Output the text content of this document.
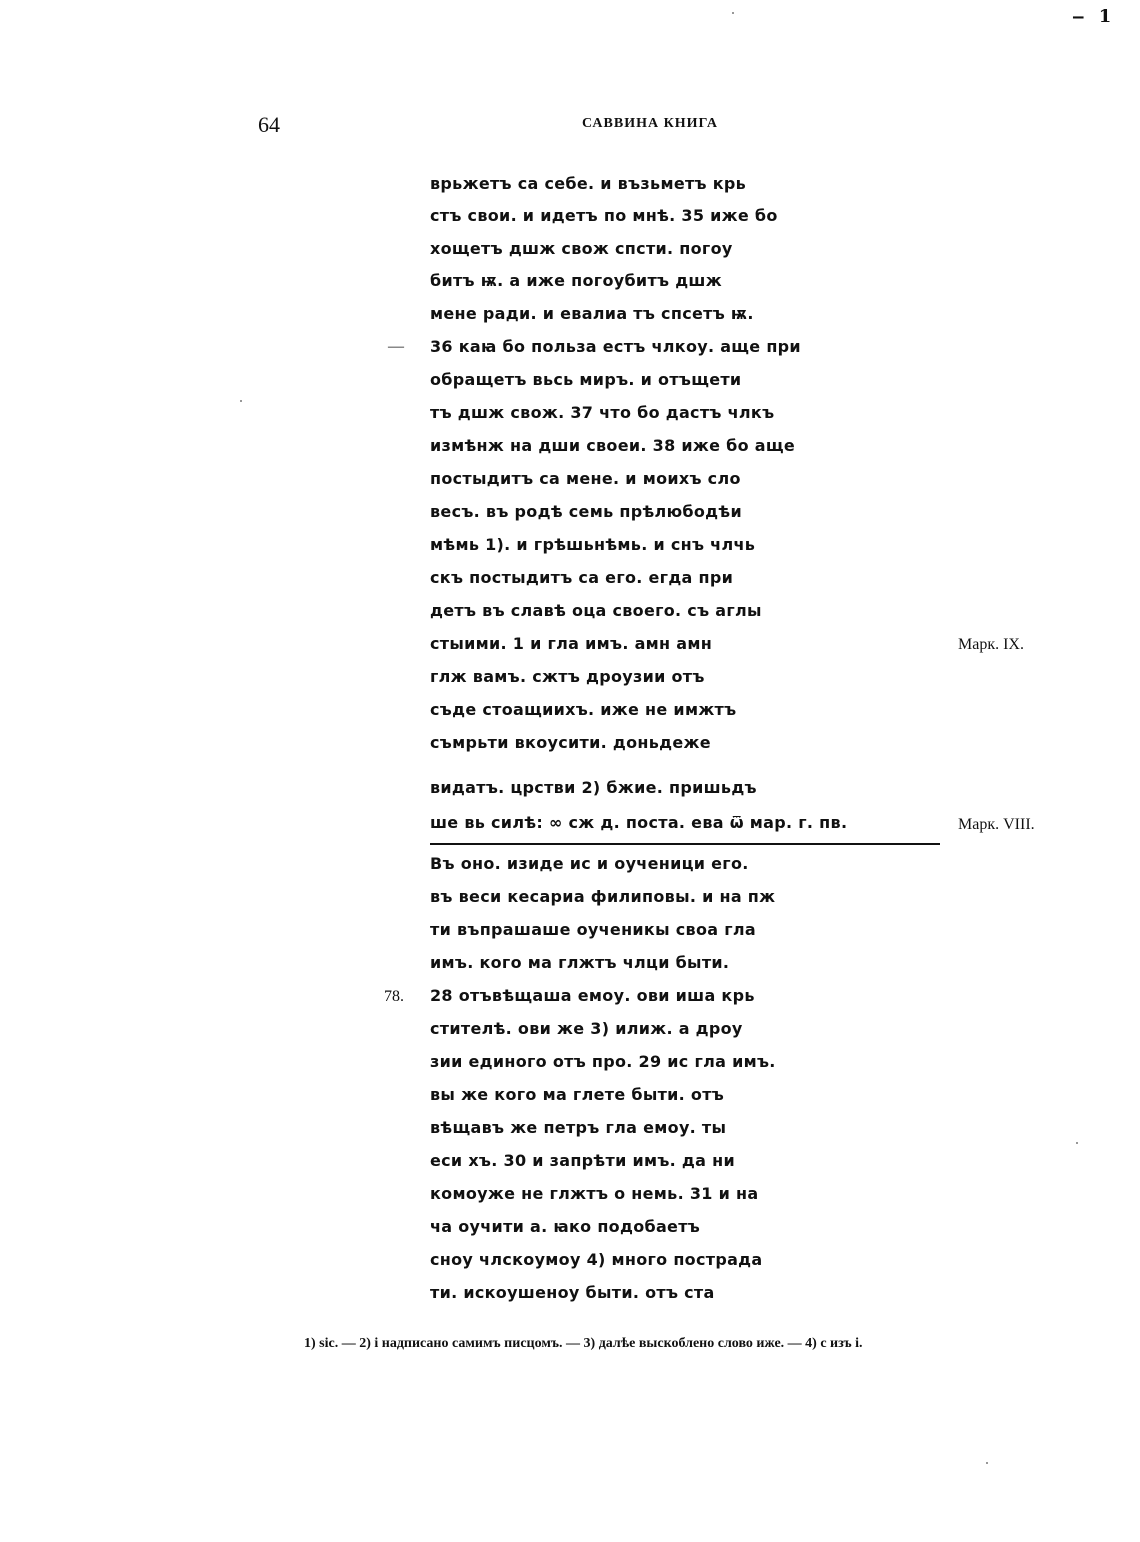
‒ 1
64	САВВИНА КНИГА
—
78.
Марк. IX.
Марк. VIII.
врьжетъ са себе. и възьметъ крь
стъ свои. и идетъ по мнѣ. 35 иже бо
хощетъ дшж свож спсти. погоу
битъ ѭ. а иже погоубитъ дшж
мене ради. и евалиа тъ спсетъ ѭ.
36 каꙗ бо польза естъ члкоу. аще при
обращетъ вьсь миръ. и отъщети
тъ дшж свож. 37 что бо дастъ члкъ
измѣнж на дши своеи. 38 иже бо аще
постыдитъ са мене. и моихъ сло
весъ. въ родѣ семь прѣлюбодѣи
мѣмь 1). и грѣшьнѣмь. и снъ члчь
скъ постыдитъ са его. егда при
детъ въ славѣ оца своего. съ аглы
стыими. 1 и гла имъ. амн амн
глж вамъ. сжтъ дроузии отъ
съде стоащиихъ. иже не имжтъ
съмрьти вкоусити. доньдеже
видатъ. црстви 2) бжие. пришьдъ
ше вь силѣ: ∞ сж д. поста. ева ѿ мар. г. пв.
Въ оно. изиде ис и оученици его.
въ веси кесариа филиповы. и на пж
ти въпрашаше оученикы своа гла
имъ. кого ма глжтъ члци быти.
28 отъвѣщаша емоу. ови иша крь
стителѣ. ови же 3) илиж. а дроу
зии единого отъ про. 29 ис гла имъ.
вы же кого ма глете быти. отъ
вѣщавъ же петръ гла емоу. ты
еси хъ. 30 и запрѣти имъ. да ни
комоуже не глжтъ о немь. 31 и на
ча оучити а. ꙗко подобаетъ
сноу члскоумоу 4) много пострада
ти. искоушеноу быти. отъ ста
1) sic. — 2) і надписано самимъ писцомъ. — 3) далѣе выскоблено слово иже. — 4) с изъ і.
